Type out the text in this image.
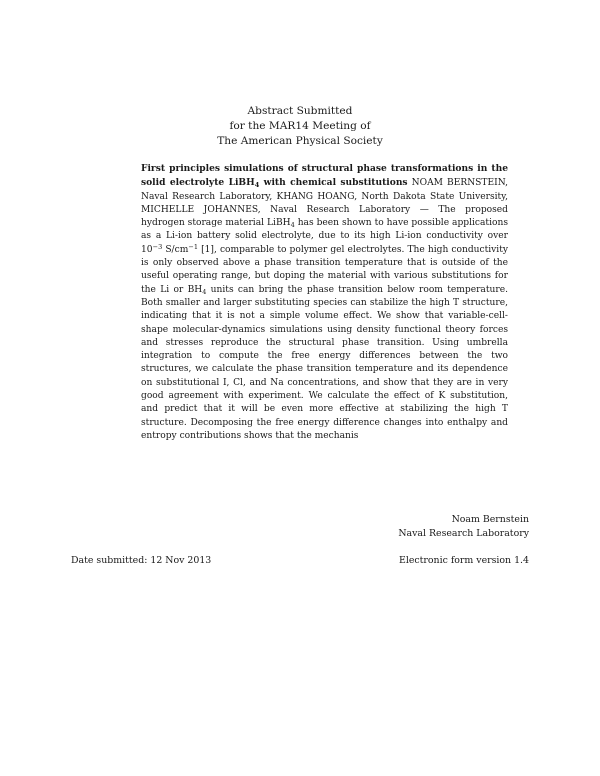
Abstract Submitted
for the MAR14 Meeting of
The American Physical Society
First principles simulations of structural phase transformations in the solid electrolyte LiBH$_4$ with chemical substitutions NOAM BERNSTEIN, Naval Research Laboratory, KHANG HOANG, North Dakota State University, MICHELLE JOHANNES, Naval Research Laboratory — The proposed hydrogen storage material LiBH$_4$ has been shown to have possible applications as a Li-ion battery solid electrolyte, due to its high Li-ion conductivity over $10^{-3}$ $S/cm^{-1}$ [1], comparable to polymer gel electrolytes. The high conductivity is only observed above a phase transition temperature that is outside of the useful operating range, but doping the material with various substitutions for the Li or $BH_4$ units can bring the phase transition below room temperature. Both smaller and larger substituting species can stabilize the high T structure, indicating that it is not a simple volume effect. We show that variable-cell-shape molecular-dynamics simulations using density functional theory forces and stresses reproduce the structural phase transition. Using umbrella integration to compute the free energy differences between the two structures, we calculate the phase transition temperature and its dependence on substitutional I, Cl, and Na concentrations, and show that they are in very good agreement with experiment. We calculate the effect of K substitution, and predict that it will be even more effective at stabilizing the high T structure. Decomposing the free energy difference changes into enthalpy and entropy contributions shows that the mechanis
Noam Bernstein
Naval Research Laboratory
Date submitted: 12 Nov 2013	Electronic form version 1.4
